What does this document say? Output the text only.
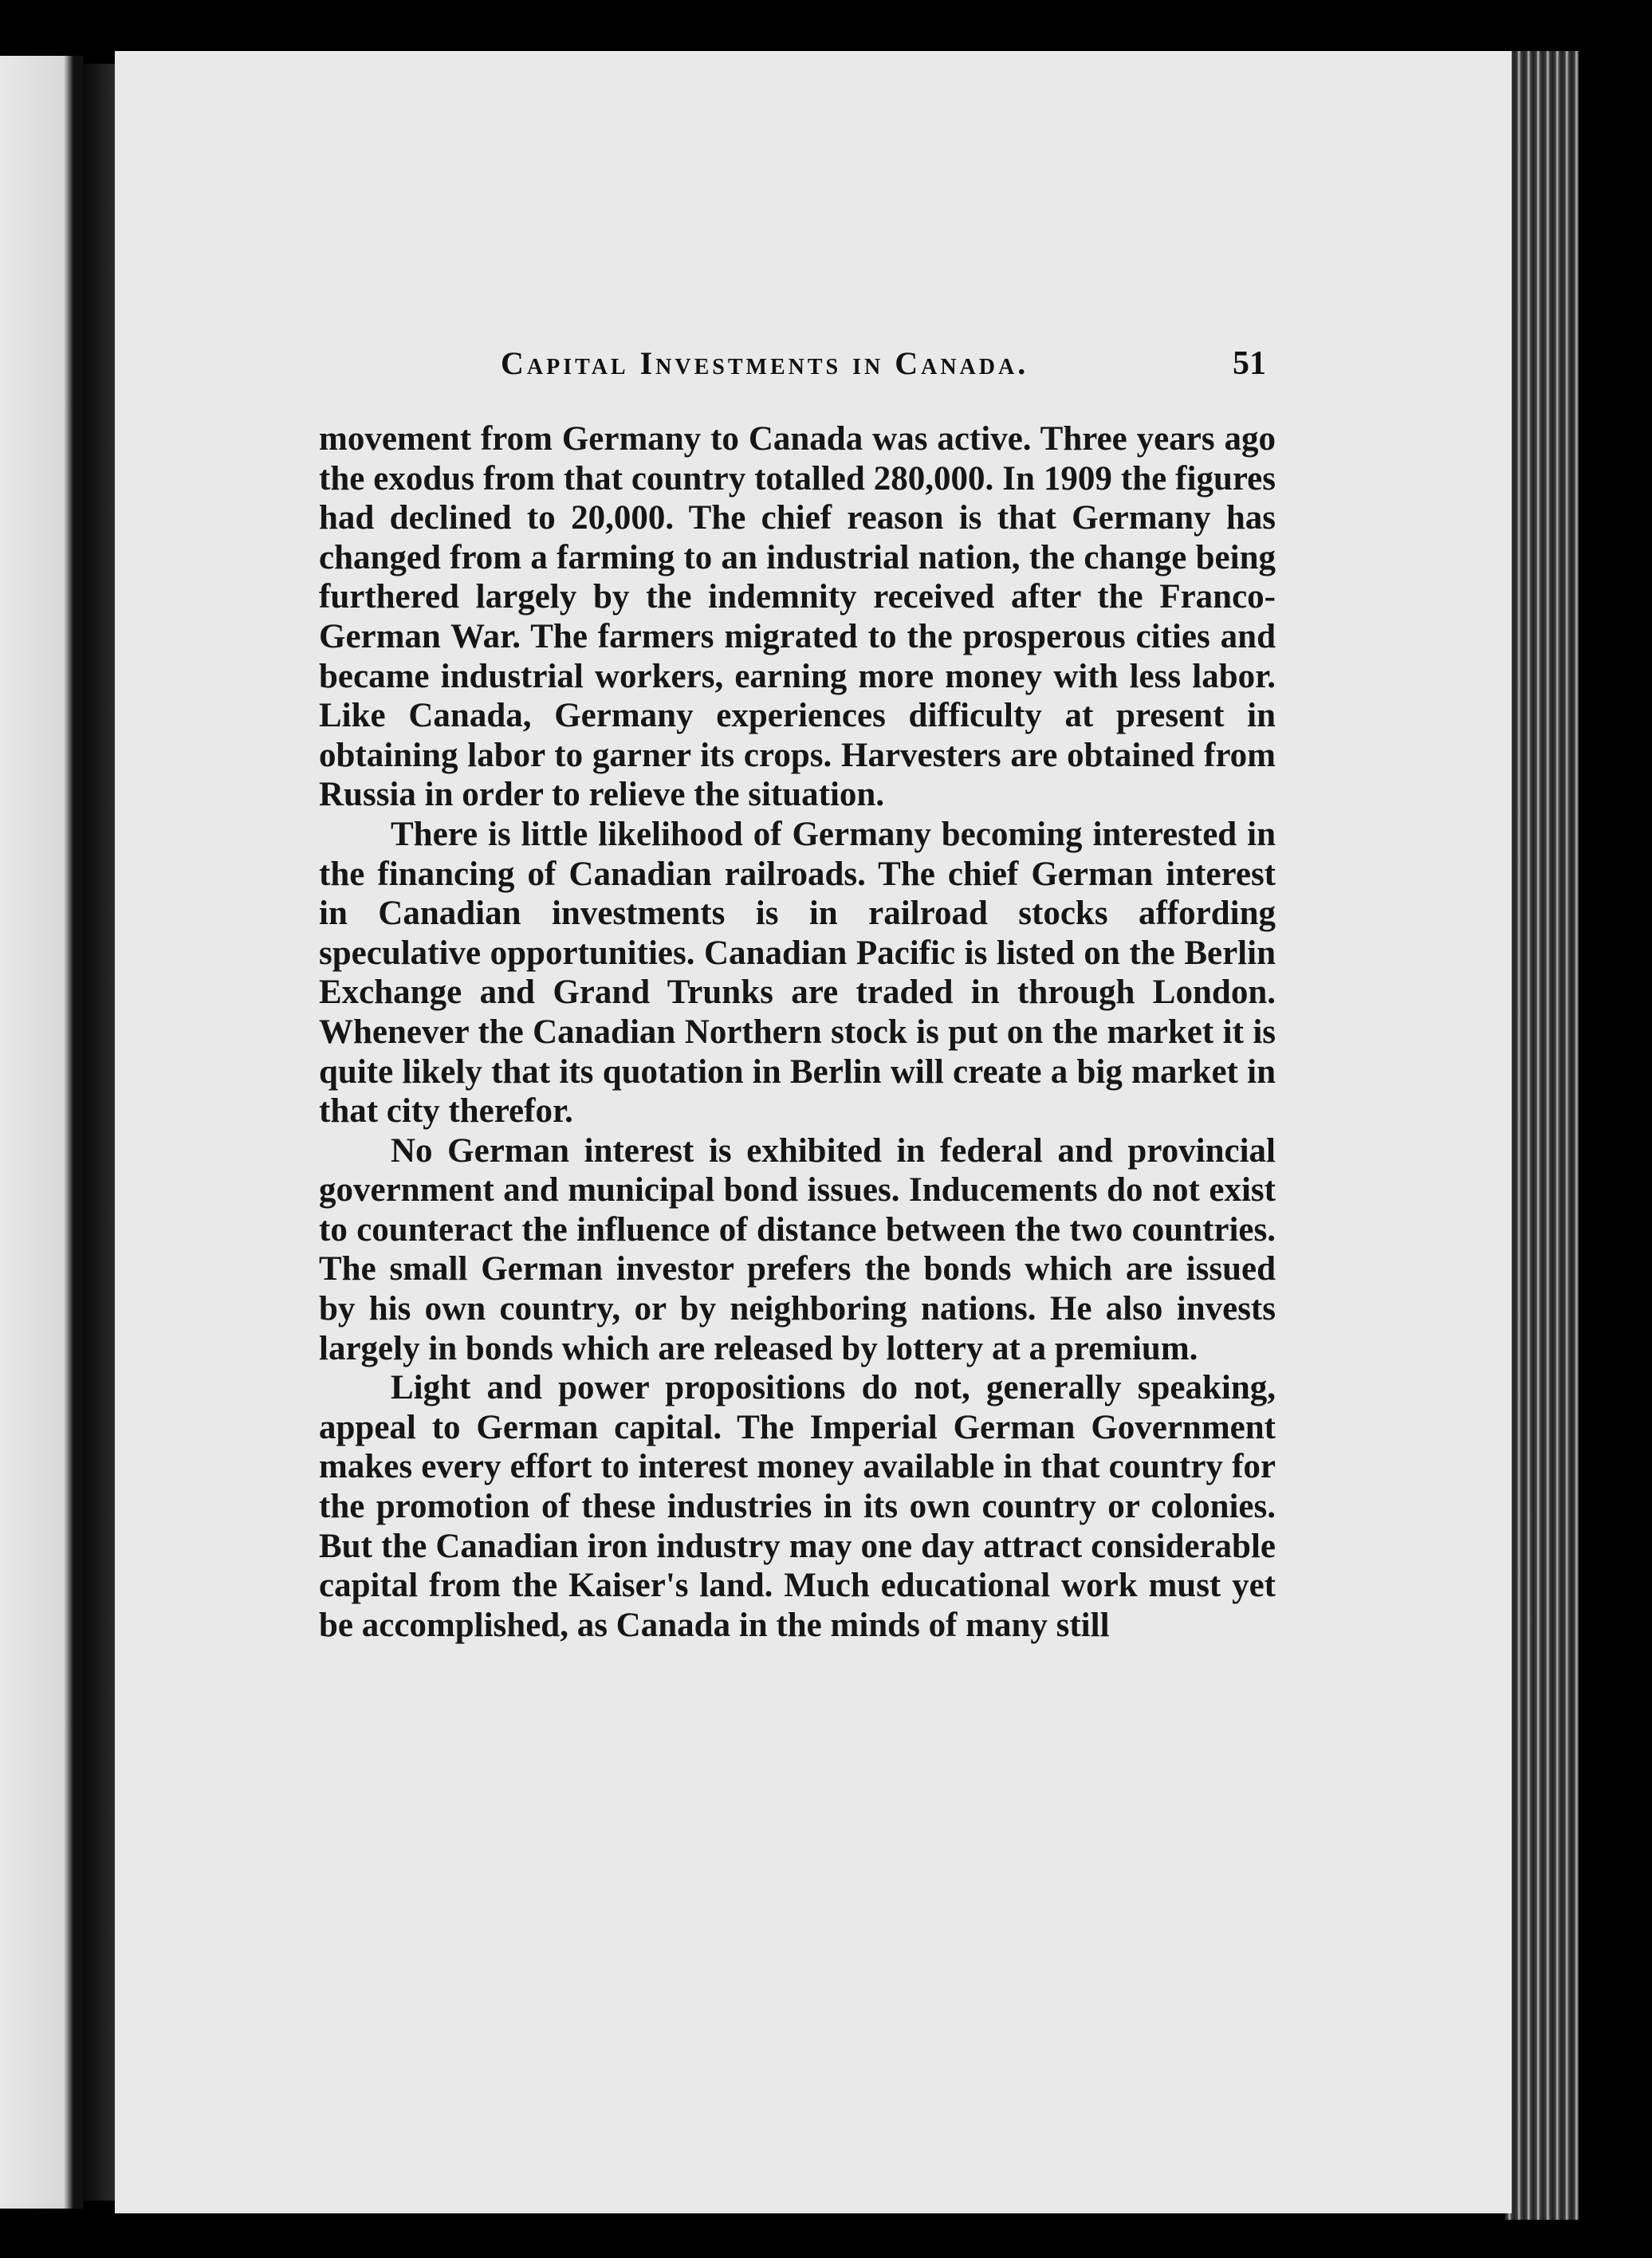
Capital Investments in Canada.	51

movement from Germany to Canada was active. Three years ago the exodus from that country totalled 280,000. In 1909 the figures had declined to 20,000. The chief reason is that Germany has changed from a farming to an industrial nation, the change being furthered largely by the indemnity received after the Franco-German War. The farmers migrated to the prosperous cities and became industrial workers, earning more money with less labor. Like Canada, Germany experiences difficulty at present in obtaining labor to garner its crops. Harvesters are obtained from Russia in order to relieve the situation.

There is little likelihood of Germany becoming interested in the financing of Canadian railroads. The chief German interest in Canadian investments is in railroad stocks affording speculative opportunities. Canadian Pacific is listed on the Berlin Exchange and Grand Trunks are traded in through London. Whenever the Canadian Northern stock is put on the market it is quite likely that its quotation in Berlin will create a big market in that city therefor.

No German interest is exhibited in federal and provincial government and municipal bond issues. Inducements do not exist to counteract the influence of distance between the two countries. The small German investor prefers the bonds which are issued by his own country, or by neighboring nations. He also invests largely in bonds which are released by lottery at a premium.

Light and power propositions do not, generally speaking, appeal to German capital. The Imperial German Government makes every effort to interest money available in that country for the promotion of these industries in its own country or colonies. But the Canadian iron industry may one day attract considerable capital from the Kaiser's land. Much educational work must yet be accomplished, as Canada in the minds of many still
